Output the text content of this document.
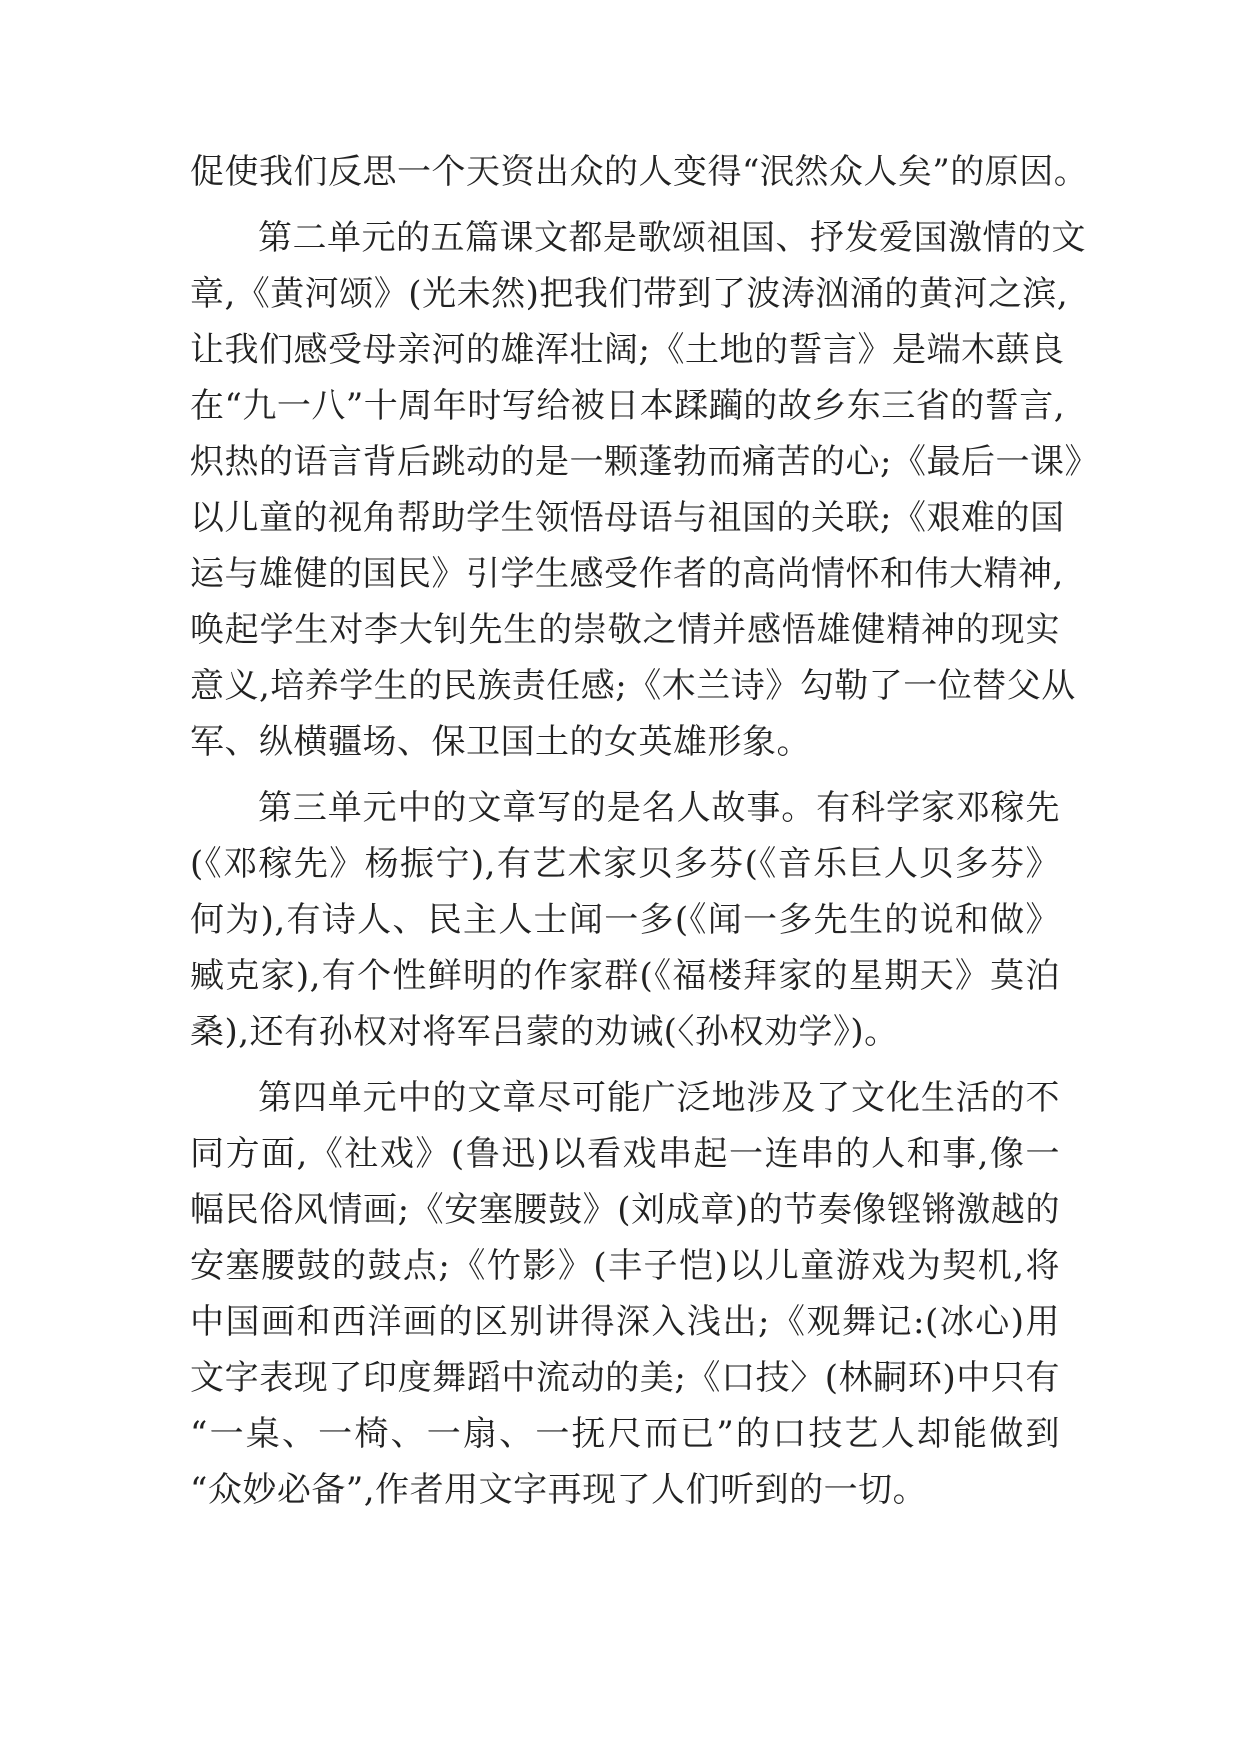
促使我们反思一个天资出众的人变得“泯然众人矣”的原因。
第二单元的五篇课文都是歌颂祖国、抒发爱国激情的文
章,《黄河颂》(光未然)把我们带到了波涛汹涌的黄河之滨,
让我们感受母亲河的雄浑壮阔;《土地的誓言》是端木蕻良
在“九一八”十周年时写给被日本蹂躏的故乡东三省的誓言,
炽热的语言背后跳动的是一颗蓬勃而痛苦的心;《最后一课》
以儿童的视角帮助学生领悟母语与祖国的关联;《艰难的国
运与雄健的国民》引学生感受作者的高尚情怀和伟大精神,
唤起学生对李大钊先生的崇敬之情并感悟雄健精神的现实
意义,培养学生的民族责任感;《木兰诗》勾勒了一位替父从
军、纵横疆场、保卫国土的女英雄形象。
第三单元中的文章写的是名人故事。有科学家邓稼先
(《邓稼先》杨振宁),有艺术家贝多芬(《音乐巨人贝多芬》
何为),有诗人、民主人士闻一多(《闻一多先生的说和做》
臧克家),有个性鲜明的作家群(《福楼拜家的星期天》莫泊
桑),还有孙权对将军吕蒙的劝诫(〈孙权劝学》)。
第四单元中的文章尽可能广泛地涉及了文化生活的不
同方面,《社戏》(鲁迅)以看戏串起一连串的人和事,像一
幅民俗风情画;《安塞腰鼓》(刘成章)的节奏像铿锵激越的
安塞腰鼓的鼓点;《竹影》(丰子恺)以儿童游戏为契机,将
中国画和西洋画的区别讲得深入浅出;《观舞记:(冰心)用
文字表现了印度舞蹈中流动的美;《口技〉(林嗣环)中只有
“一桌、一椅、一扇、一抚尺而已”的口技艺人却能做到
“众妙必备”,作者用文字再现了人们听到的一切。
